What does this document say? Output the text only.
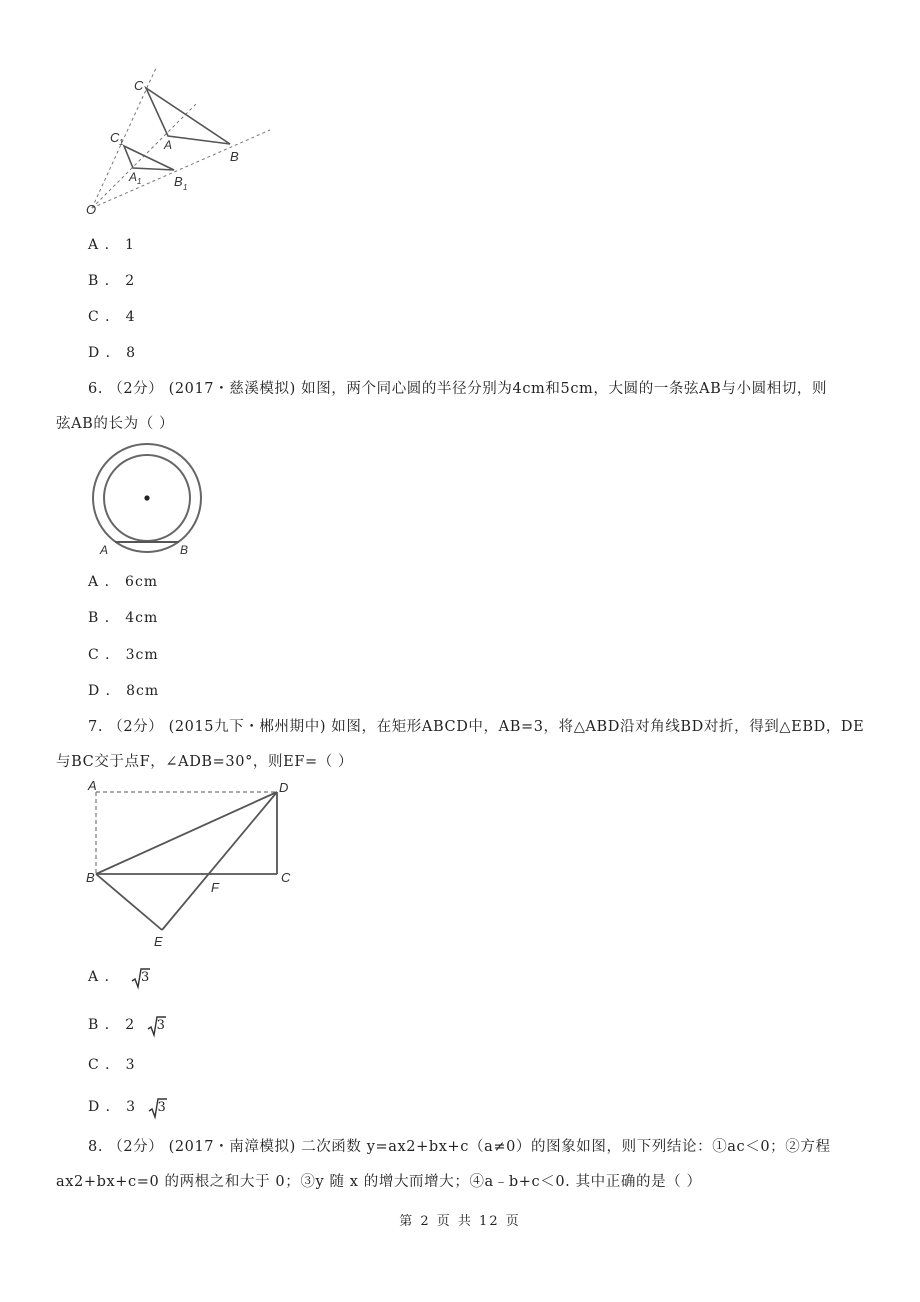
C
A
B
C 1
A 1	B 1
O
A ． 1
B ． 2
C ． 4
D ． 8
6. （2分） (2017・慈溪模拟) 如图，两个同心圆的半径分别为4cm和5cm，大圆的一条弦AB与小圆相切，则
弦AB的长为（ ）
A	B
A ． 6cm
B ． 4cm
C ． 3cm
D ． 8cm
7. （2分） (2015九下・郴州期中) 如图，在矩形ABCD中，AB=3，将△ABD沿对角线BD对折，得到△EBD，DE
与BC交于点F，∠ADB=30°，则EF=（ ）
A	D
B	C
F
E
A ． 3
B ． 2 3
C ． 3
D ． 3 3
8. （2分） (2017・南漳模拟) 二次函数 y=ax2+bx+c（a≠0）的图象如图，则下列结论：①ac＜0；②方程
ax2+bx+c=0 的两根之和大于 0；③y 随 x 的增大而增大；④a﹣b+c＜0. 其中正确的是（ ）
第 2 页 共 12 页
